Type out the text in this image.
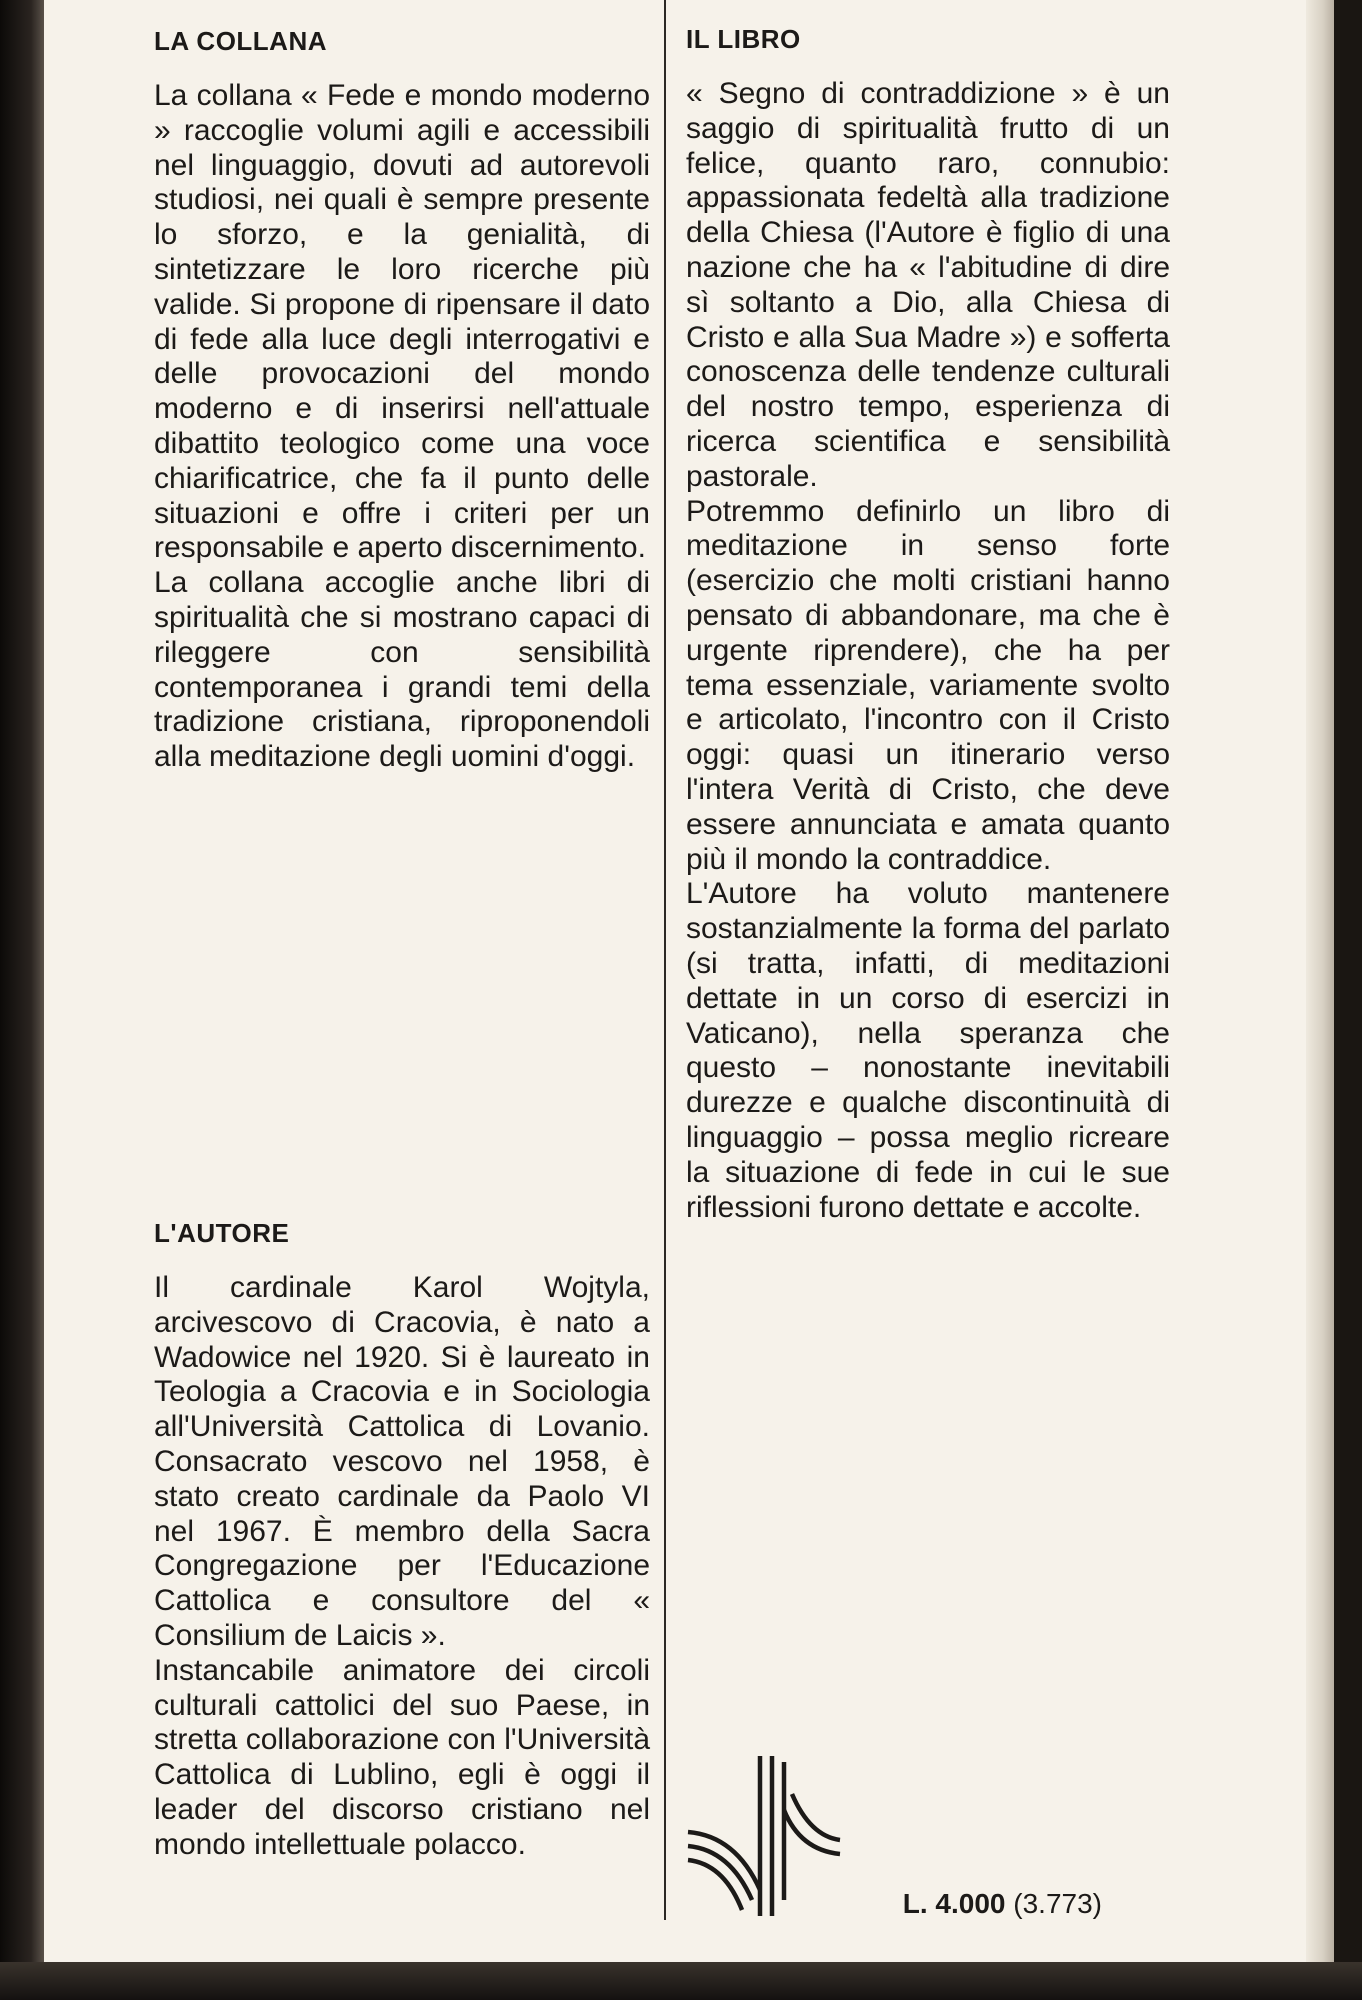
LA COLLANA

La collana « Fede e mondo moderno » raccoglie volumi agili e accessibili nel linguaggio, dovuti ad autorevoli studiosi, nei quali è sempre presente lo sforzo, e la genialità, di sintetizzare le loro ricerche più valide. Si propone di ripensare il dato di fede alla luce degli interrogativi e delle provocazioni del mondo moderno e di inserirsi nell'attuale dibattito teologico come una voce chiarificatrice, che fa il punto delle situazioni e offre i criteri per un responsabile e aperto discernimento.

La collana accoglie anche libri di spiritualità che si mostrano capaci di rileggere con sensibilità contemporanea i grandi temi della tradizione cristiana, riproponendoli alla meditazione degli uomini d'oggi.

L'AUTORE

Il cardinale Karol Wojtyla, arcivescovo di Cracovia, è nato a Wadowice nel 1920. Si è laureato in Teologia a Cracovia e in Sociologia all'Università Cattolica di Lovanio. Consacrato vescovo nel 1958, è stato creato cardinale da Paolo VI nel 1967. È membro della Sacra Congregazione per l'Educazione Cattolica e consultore del « Consilium de Laicis ».

Instancabile animatore dei circoli culturali cattolici del suo Paese, in stretta collaborazione con l'Università Cattolica di Lublino, egli è oggi il leader del discorso cristiano nel mondo intellettuale polacco.

IL LIBRO

« Segno di contraddizione » è un saggio di spiritualità frutto di un felice, quanto raro, connubio: appassionata fedeltà alla tradizione della Chiesa (l'Autore è figlio di una nazione che ha « l'abitudine di dire sì soltanto a Dio, alla Chiesa di Cristo e alla Sua Madre ») e sofferta conoscenza delle tendenze culturali del nostro tempo, esperienza di ricerca scientifica e sensibilità pastorale.

Potremmo definirlo un libro di meditazione in senso forte (esercizio che molti cristiani hanno pensato di abbandonare, ma che è urgente riprendere), che ha per tema essenziale, variamente svolto e articolato, l'incontro con il Cristo oggi: quasi un itinerario verso l'intera Verità di Cristo, che deve essere annunciata e amata quanto più il mondo la contraddice.

L'Autore ha voluto mantenere sostanzialmente la forma del parlato (si tratta, infatti, di meditazioni dettate in un corso di esercizi in Vaticano), nella speranza che questo – nonostante inevitabili durezze e qualche discontinuità di linguaggio – possa meglio ricreare la situazione di fede in cui le sue riflessioni furono dettate e accolte.

L. 4.000 (3.773)
